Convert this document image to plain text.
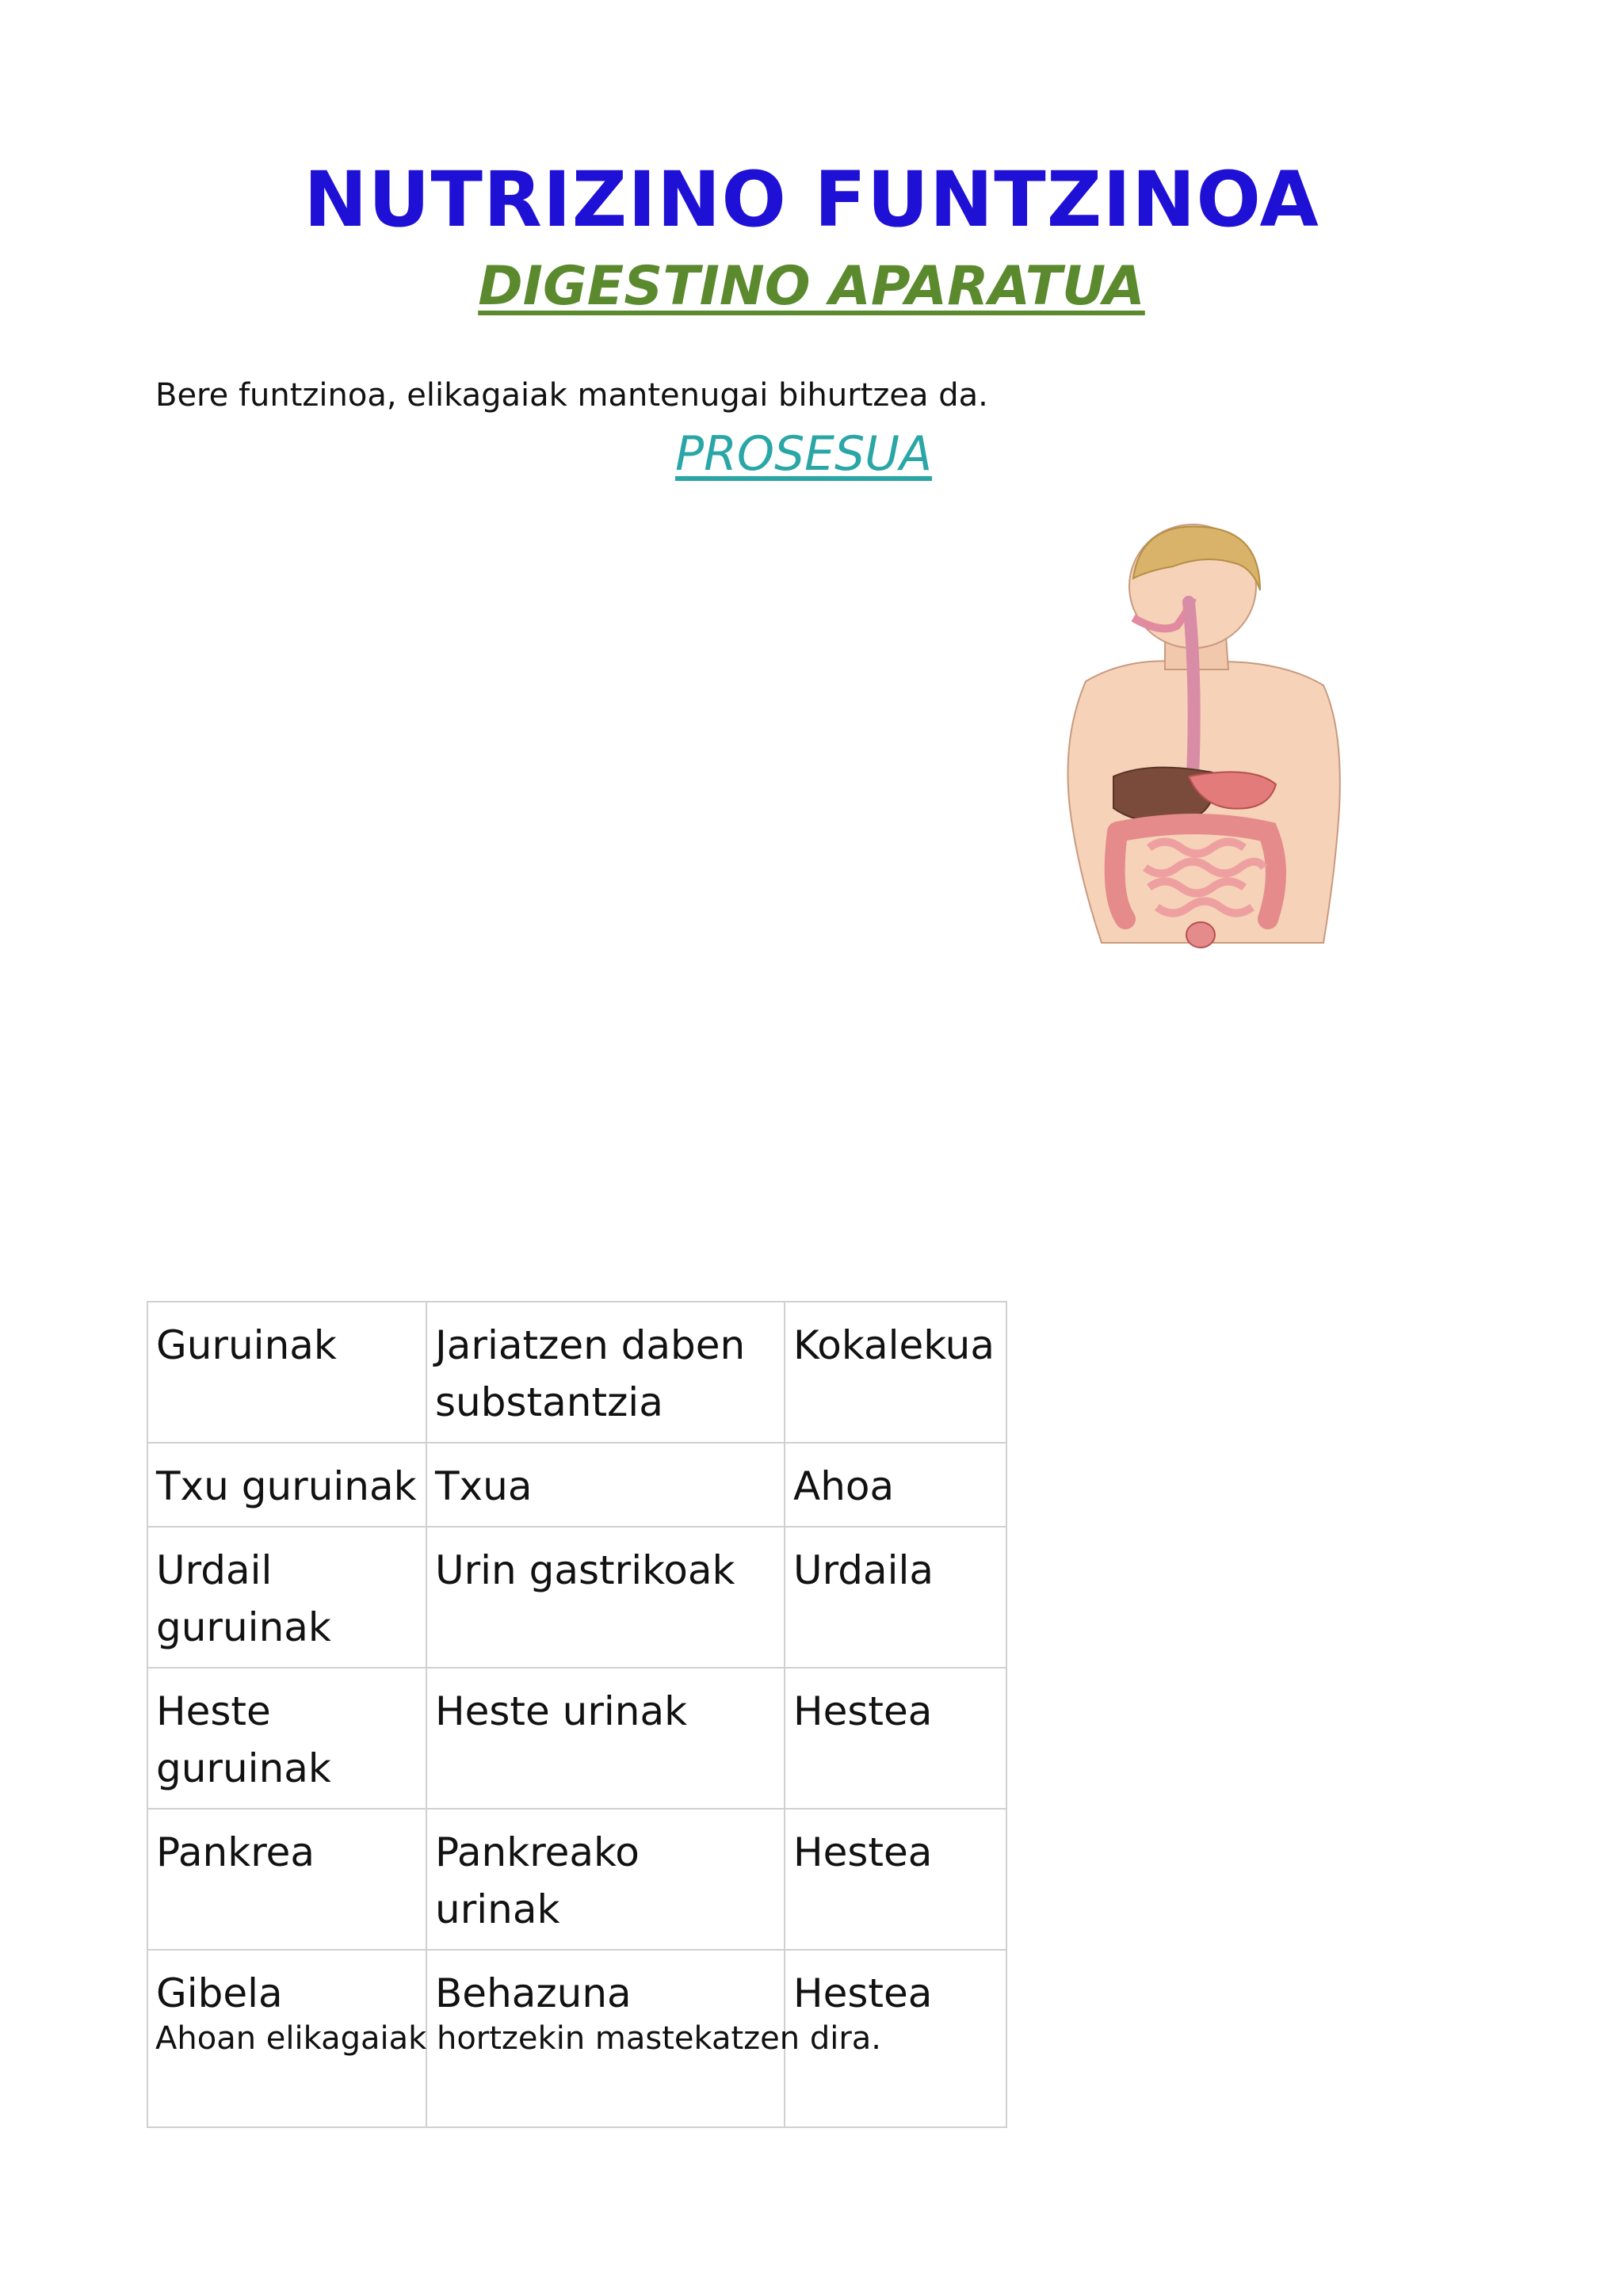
NUTRIZINO FUNTZINOA
DIGESTINO APARATUA

Bere funtzinoa, elikagaiak mantenugai bihurtzea da.

PROSESUA

Guruinak	Jariatzen daben substantzia	Kokalekua
Txu guruinak	Txua	Ahoa
Urdail guruinak	Urin gastrikoak	Urdaila
Heste guruinak	Heste urinak	Hestea
Pankrea	Pankreako urinak	Hestea
Gibela	Behazuna	Hestea

Ahoan elikagaiak hortzekin mastekatzen dira.
